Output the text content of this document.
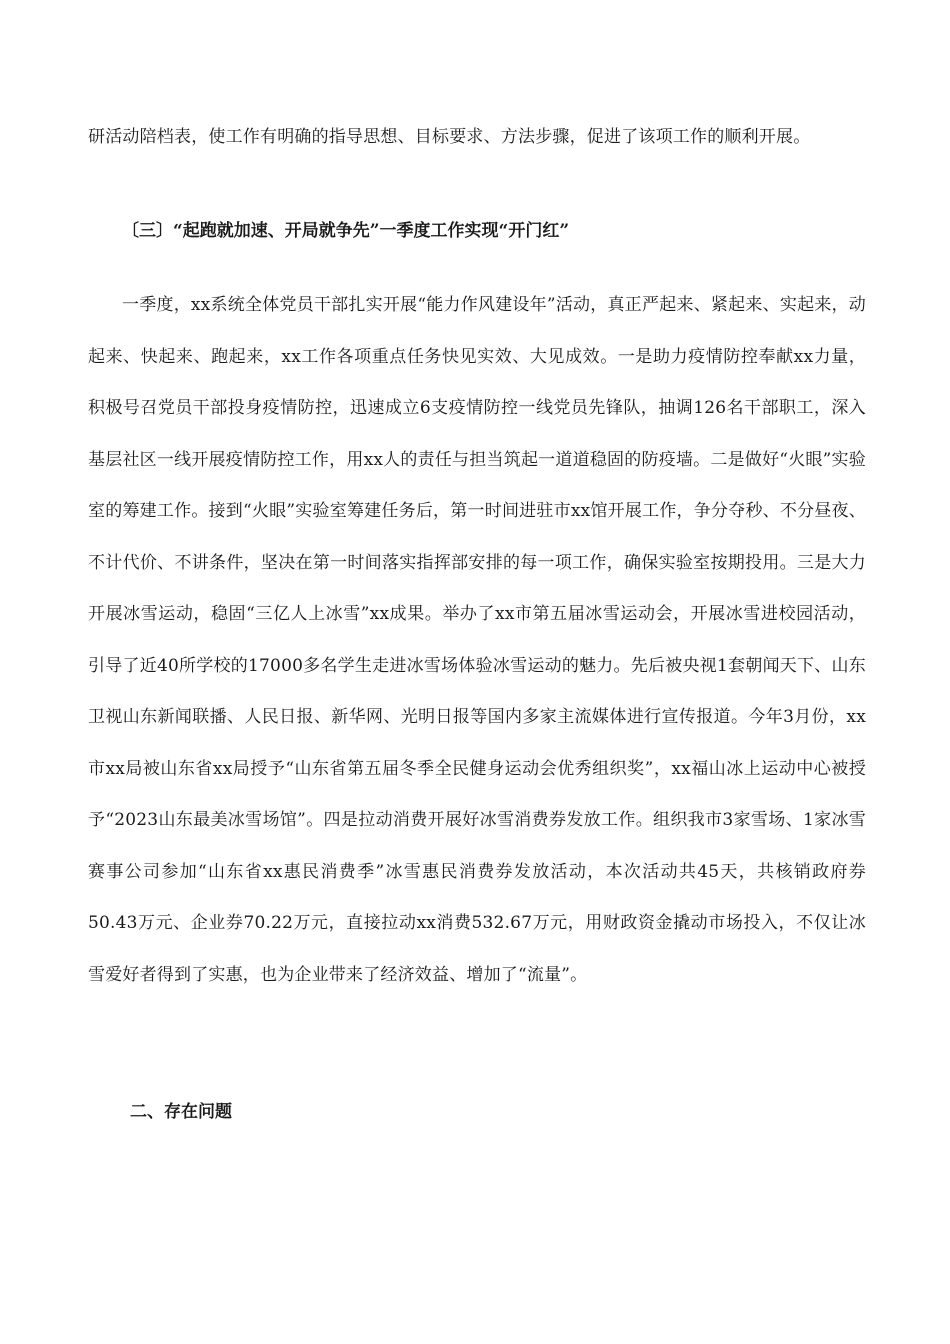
研活动陪档表，使工作有明确的指导思想、目标要求、方法步骤，促进了该项工作的顺利开展。

〔三〕“起跑就加速、开局就争先”一季度工作实现“开门红”

一季度，xx系统全体党员干部扎实开展“能力作风建设年”活动，真正严起来、紧起来、实起来，动起来、快起来、跑起来，xx工作各项重点任务快见实效、大见成效。一是助力疫情防控奉献xx力量，积极号召党员干部投身疫情防控，迅速成立6支疫情防控一线党员先锋队，抽调126名干部职工，深入基层社区一线开展疫情防控工作，用xx人的责任与担当筑起一道道稳固的防疫墙。二是做好“火眼”实验室的筹建工作。接到“火眼”实验室筹建任务后，第一时间进驻市xx馆开展工作，争分夺秒、不分昼夜、不计代价、不讲条件，坚决在第一时间落实指挥部安排的每一项工作，确保实验室按期投用。三是大力开展冰雪运动，稳固“三亿人上冰雪”xx成果。举办了xx市第五届冰雪运动会，开展冰雪进校园活动，引导了近40所学校的17000多名学生走进冰雪场体验冰雪运动的魅力。先后被央视1套朝闻天下、山东卫视山东新闻联播、人民日报、新华网、光明日报等国内多家主流媒体进行宣传报道。今年3月份，xx市xx局被山东省xx局授予“山东省第五届冬季全民健身运动会优秀组织奖”，xx福山冰上运动中心被授予“2023山东最美冰雪场馆”。四是拉动消费开展好冰雪消费券发放工作。组织我市3家雪场、1家冰雪赛事公司参加“山东省xx惠民消费季”冰雪惠民消费券发放活动，本次活动共45天，共核销政府券50.43万元、企业券70.22万元，直接拉动xx消费532.67万元，用财政资金撬动市场投入，不仅让冰雪爱好者得到了实惠，也为企业带来了经济效益、增加了“流量”。

二、存在问题
